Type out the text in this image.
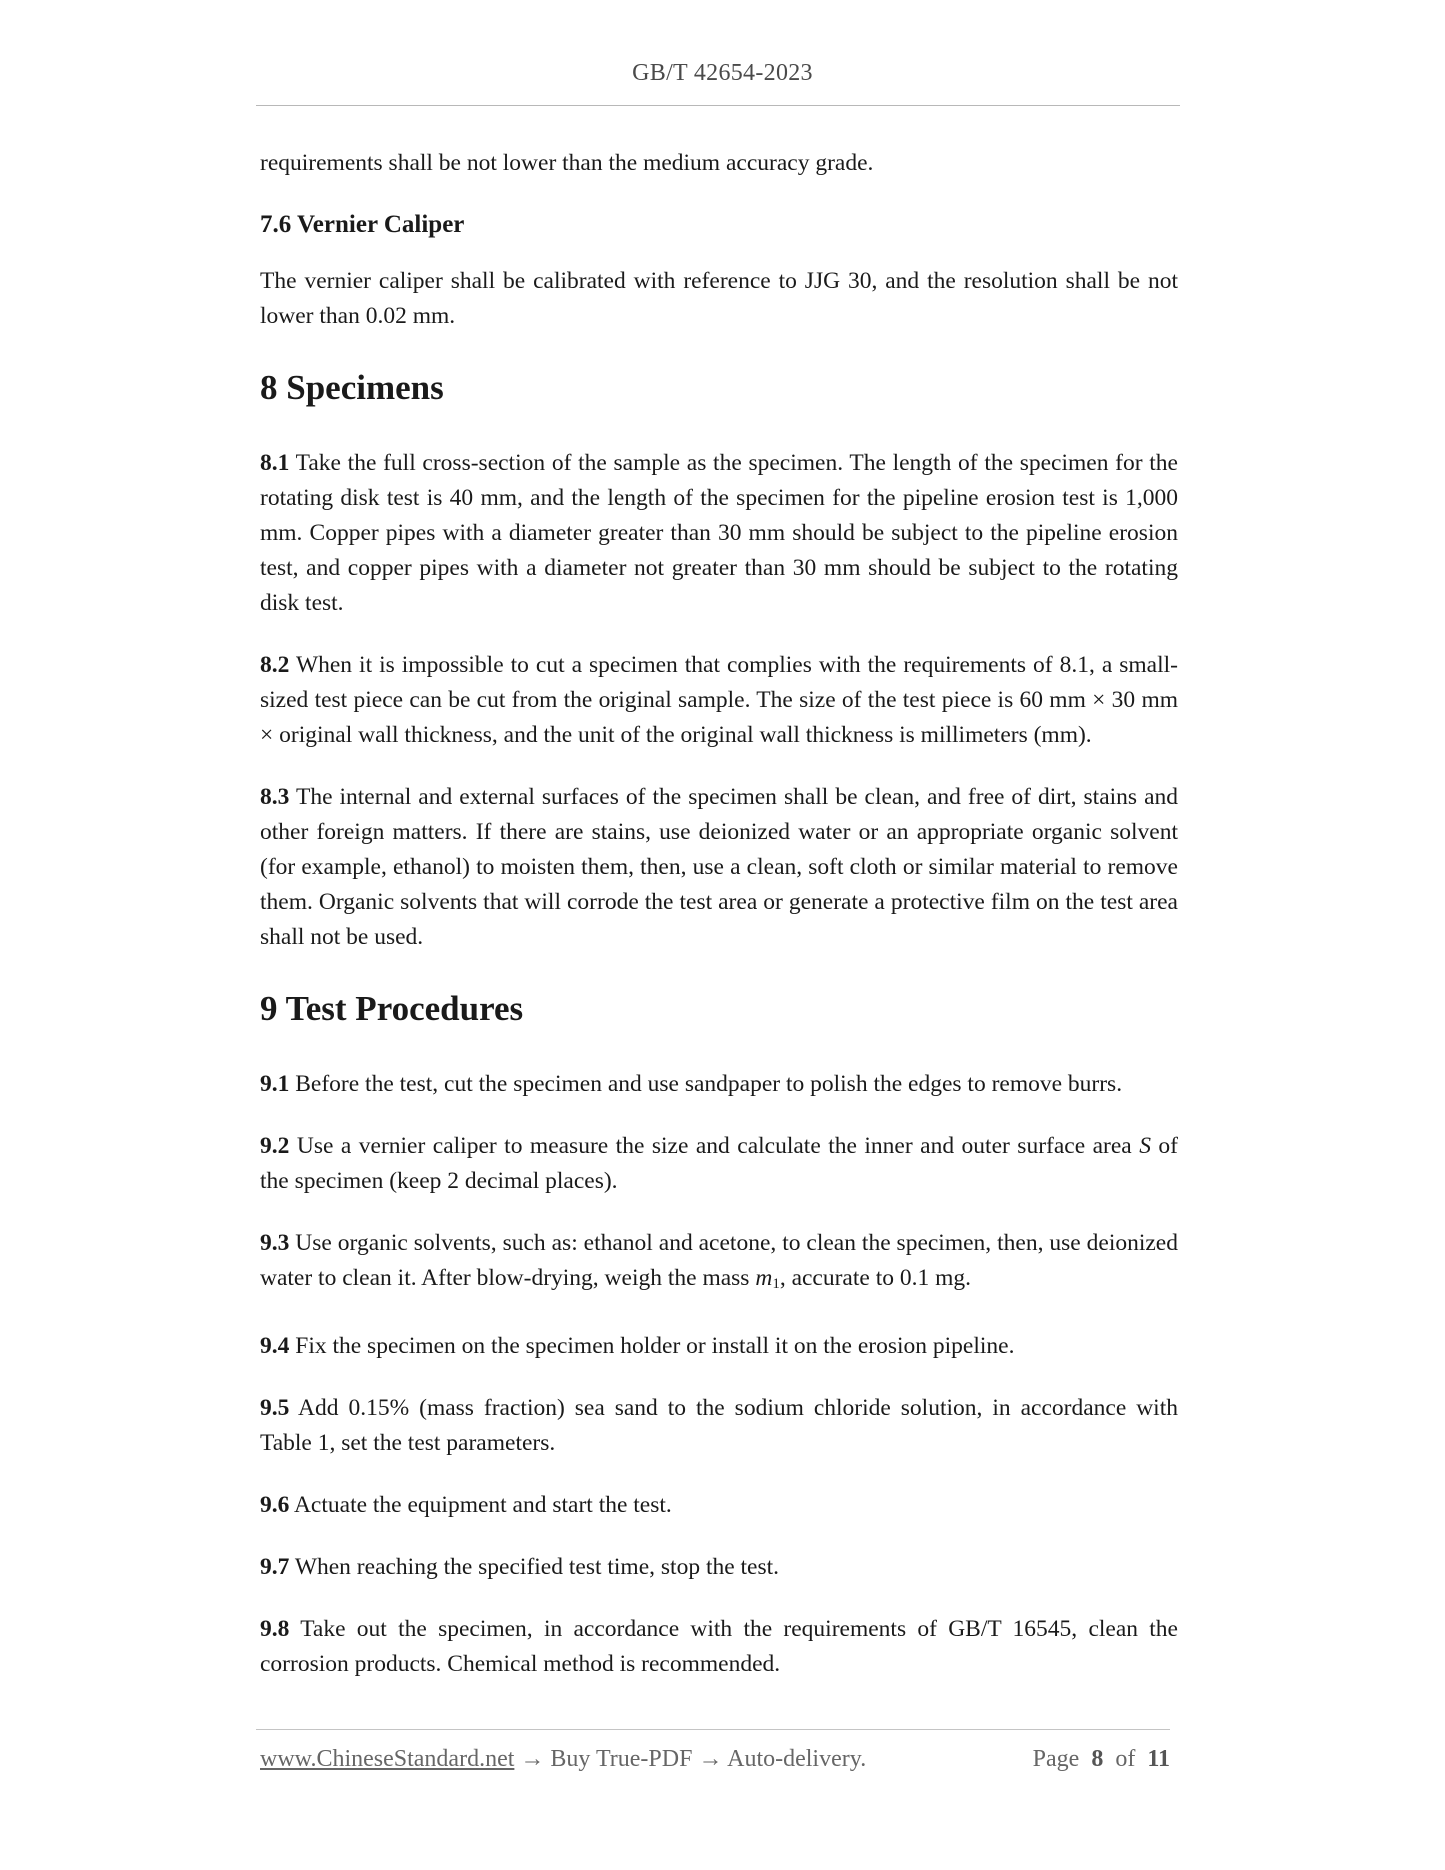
GB/T 42654-2023

requirements shall be not lower than the medium accuracy grade.

7.6 Vernier Caliper

The vernier caliper shall be calibrated with reference to JJG 30, and the resolution shall be not lower than 0.02 mm.

8 Specimens

8.1 Take the full cross-section of the sample as the specimen. The length of the specimen for the rotating disk test is 40 mm, and the length of the specimen for the pipeline erosion test is 1,000 mm. Copper pipes with a diameter greater than 30 mm should be subject to the pipeline erosion test, and copper pipes with a diameter not greater than 30 mm should be subject to the rotating disk test.

8.2 When it is impossible to cut a specimen that complies with the requirements of 8.1, a small-sized test piece can be cut from the original sample. The size of the test piece is 60 mm × 30 mm × original wall thickness, and the unit of the original wall thickness is millimeters (mm).

8.3 The internal and external surfaces of the specimen shall be clean, and free of dirt, stains and other foreign matters. If there are stains, use deionized water or an appropriate organic solvent (for example, ethanol) to moisten them, then, use a clean, soft cloth or similar material to remove them. Organic solvents that will corrode the test area or generate a protective film on the test area shall not be used.

9 Test Procedures

9.1 Before the test, cut the specimen and use sandpaper to polish the edges to remove burrs.

9.2 Use a vernier caliper to measure the size and calculate the inner and outer surface area S of the specimen (keep 2 decimal places).

9.3 Use organic solvents, such as: ethanol and acetone, to clean the specimen, then, use deionized water to clean it. After blow-drying, weigh the mass $m_1$, accurate to 0.1 mg.

9.4 Fix the specimen on the specimen holder or install it on the erosion pipeline.

9.5 Add 0.15% (mass fraction) sea sand to the sodium chloride solution, in accordance with Table 1, set the test parameters.

9.6 Actuate the equipment and start the test.

9.7 When reaching the specified test time, stop the test.

9.8 Take out the specimen, in accordance with the requirements of GB/T 16545, clean the corrosion products. Chemical method is recommended.

www.ChineseStandard.net → Buy True-PDF → Auto-delivery.	Page 8 of 11
